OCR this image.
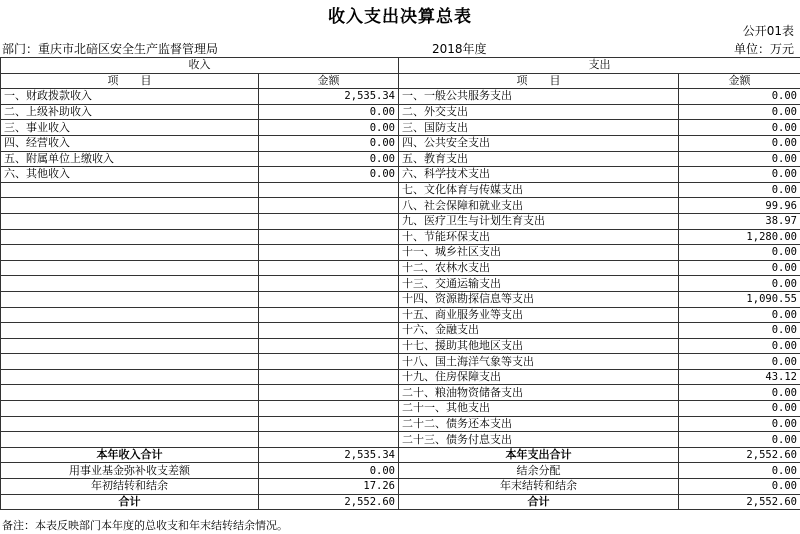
收入支出决算总表
公开01表
部门：重庆市北碚区安全生产监督管理局	2018年度	单位：万元
收入		支出	
项　　目	金额	项　　目	金额
一、财政拨款收入	2,535.34	一、一般公共服务支出	0.00
二、上级补助收入	0.00	二、外交支出	0.00
三、事业收入	0.00	三、国防支出	0.00
四、经营收入	0.00	四、公共安全支出	0.00
五、附属单位上缴收入	0.00	五、教育支出	0.00
六、其他收入	0.00	六、科学技术支出	0.00
		七、文化体育与传媒支出	0.00
		八、社会保障和就业支出	99.96
		九、医疗卫生与计划生育支出	38.97
		十、节能环保支出	1,280.00
		十一、城乡社区支出	0.00
		十二、农林水支出	0.00
		十三、交通运输支出	0.00
		十四、资源勘探信息等支出	1,090.55
		十五、商业服务业等支出	0.00
		十六、金融支出	0.00
		十七、援助其他地区支出	0.00
		十八、国土海洋气象等支出	0.00
		十九、住房保障支出	43.12
		二十、粮油物资储备支出	0.00
		二十一、其他支出	0.00
		二十二、债务还本支出	0.00
		二十三、债务付息支出	0.00
本年收入合计	2,535.34	本年支出合计	2,552.60
用事业基金弥补收支差额	0.00	结余分配	0.00
年初结转和结余	17.26	年末结转和结余	0.00
合计	2,552.60	合计	2,552.60
备注：本表反映部门本年度的总收支和年末结转结余情况。
